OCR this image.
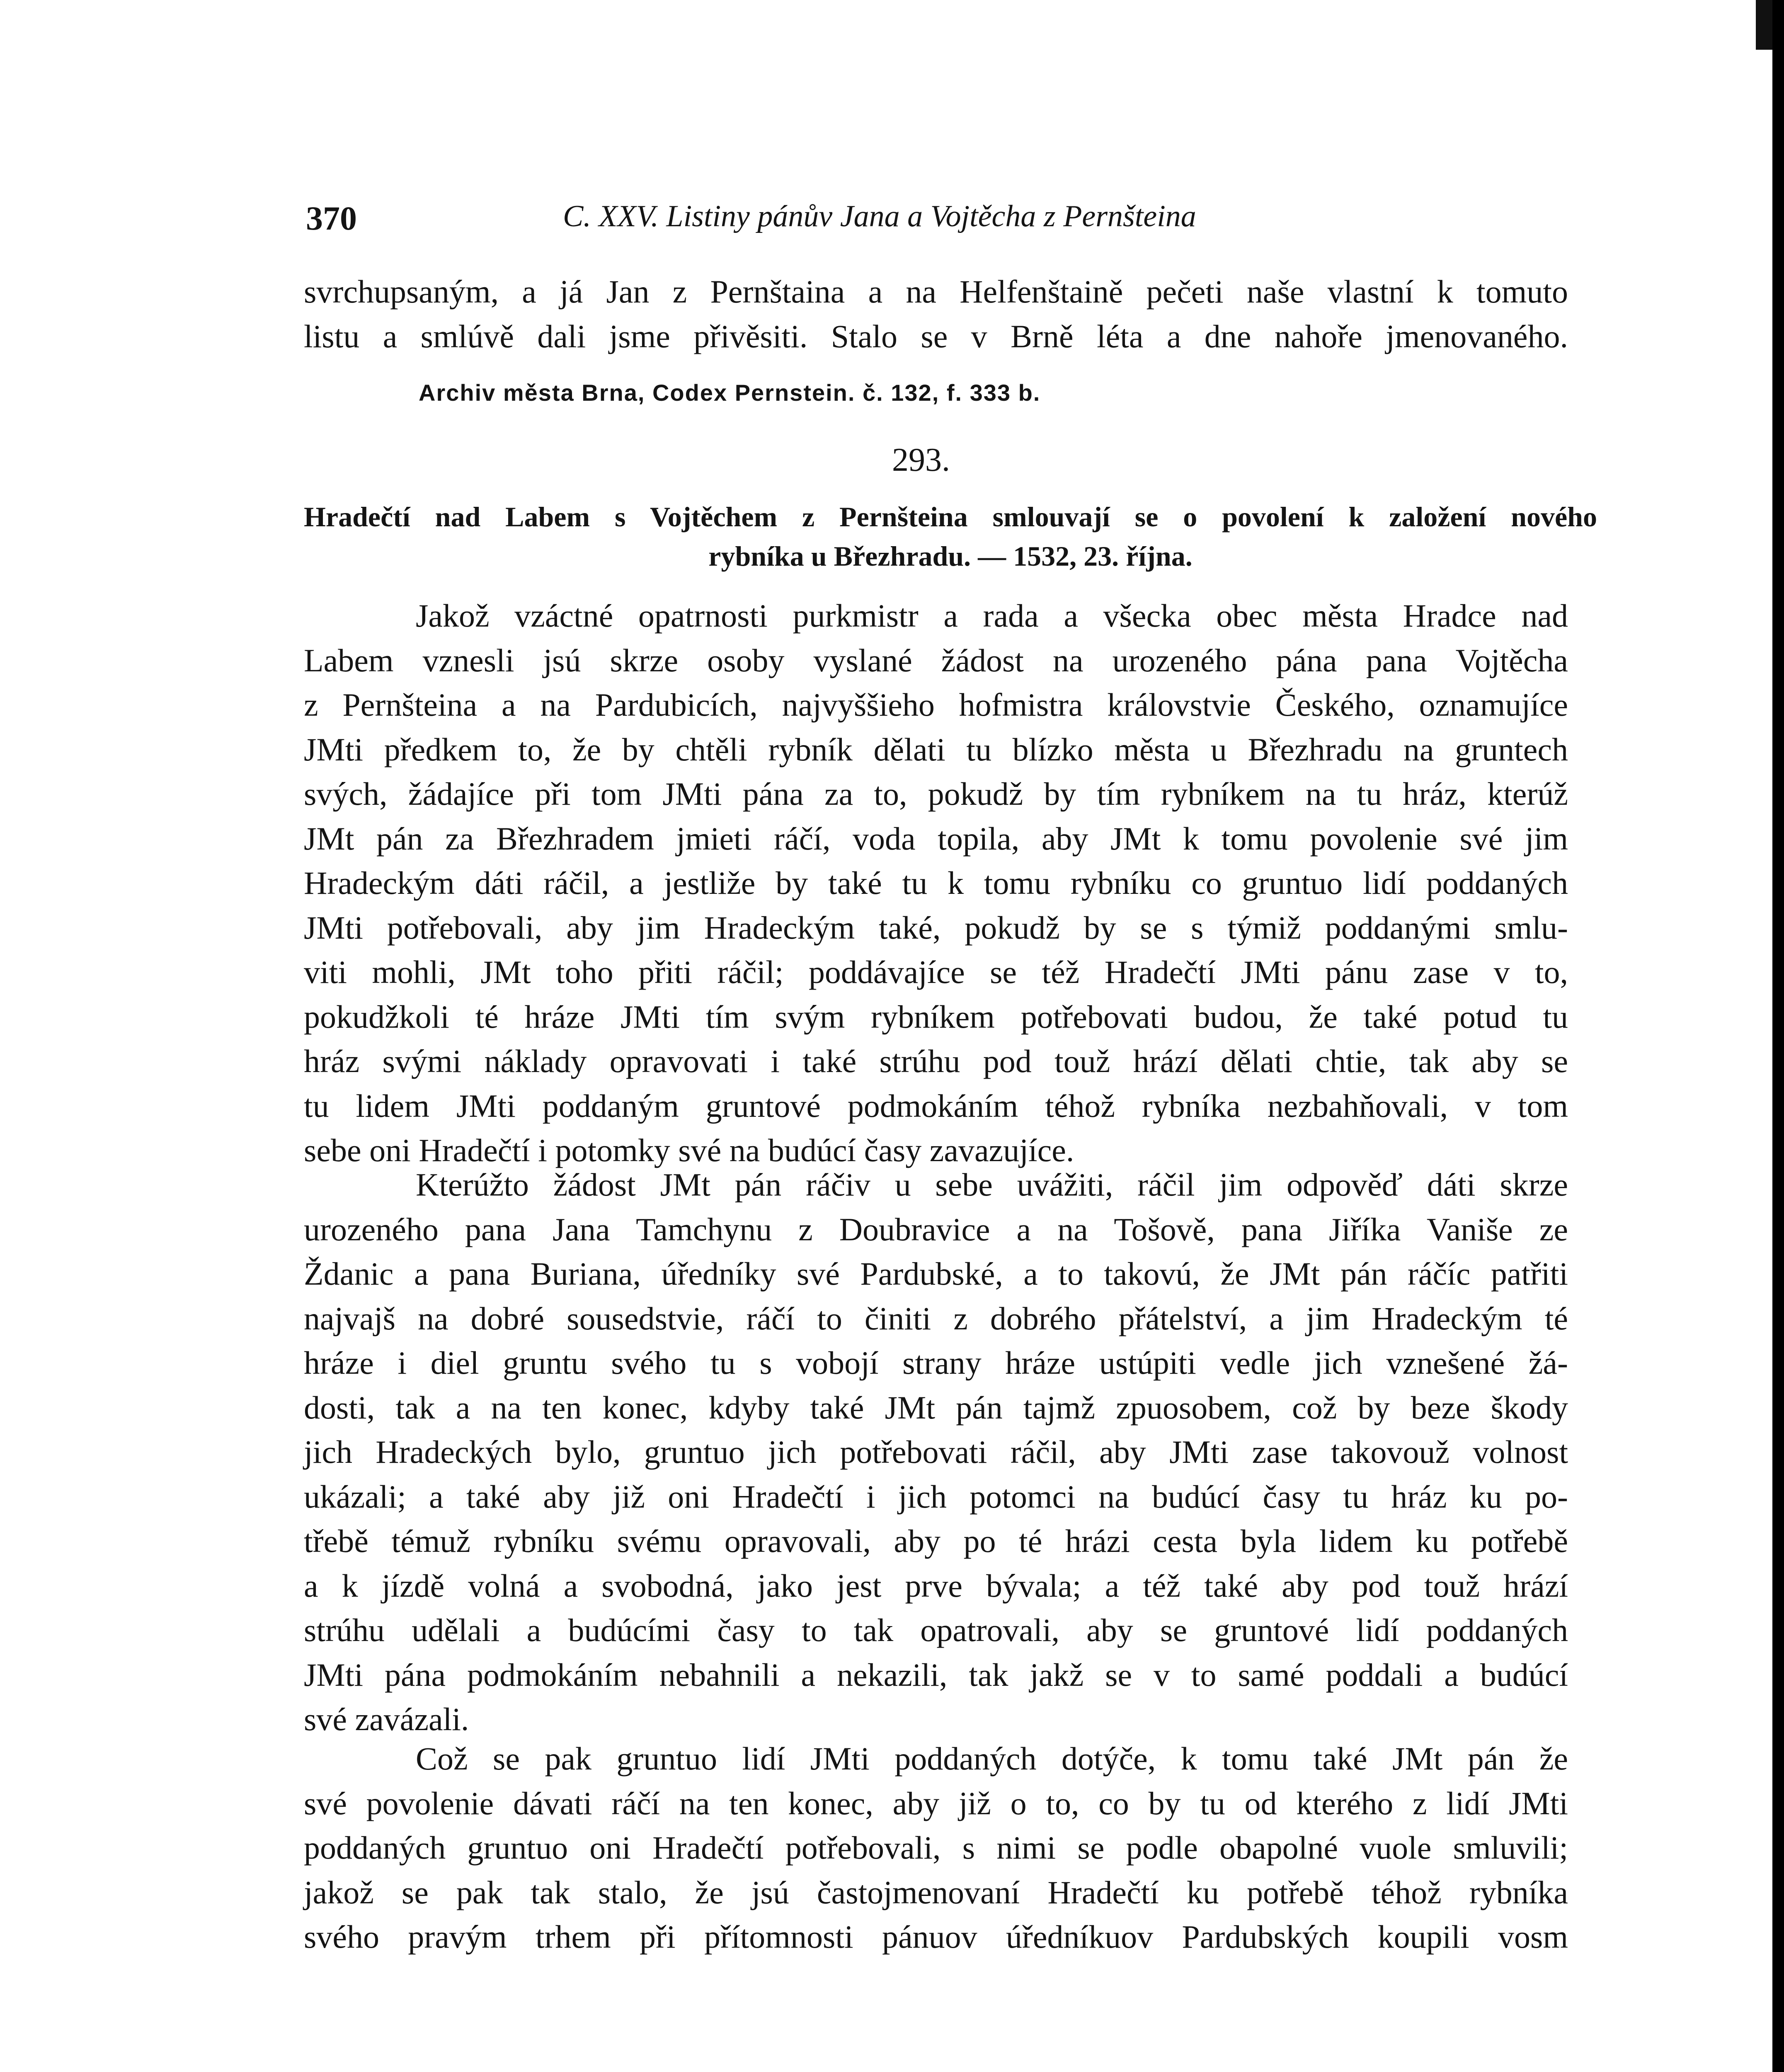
370	C. XXV. Listiny pánův Jana a Vojtěcha z Pernšteina
svrchupsaným, a já Jan z Pernštaina a na Helfenštaině pečeti naše vlastní k tomuto
listu a smlúvě dali jsme přivěsiti. Stalo se v Brně léta a dne nahoře jmenovaného.
Archiv města Brna, Codex Pernstein. č. 132, f. 333 b.
293.
Hradečtí nad Labem s Vojtěchem z Pernšteina smlouvají se o povolení k založení nového
rybníka u Březhradu. — 1532, 23. října.
Jakož vzáctné opatrnosti purkmistr a rada a všecka obec města Hradce nad
Labem vznesli jsú skrze osoby vyslané žádost na urozeného pána pana Vojtěcha
z Pernšteina a na Pardubicích, najvyššieho hofmistra královstvie Českého, oznamujíce
JMti předkem to, že by chtěli rybník dělati tu blízko města u Březhradu na gruntech
svých, žádajíce při tom JMti pána za to, pokudž by tím rybníkem na tu hráz, kterúž
JMt pán za Březhradem jmieti ráčí, voda topila, aby JMt k tomu povolenie své jim
Hradeckým dáti ráčil, a jestliže by také tu k tomu rybníku co gruntuo lidí poddaných
JMti potřebovali, aby jim Hradeckým také, pokudž by se s týmiž poddanými smlu-
viti mohli, JMt toho přiti ráčil; poddávajíce se též Hradečtí JMti pánu zase v to,
pokudžkoli té hráze JMti tím svým rybníkem potřebovati budou, že také potud tu
hráz svými náklady opravovati i také strúhu pod touž hrází dělati chtie, tak aby se
tu lidem JMti poddaným gruntové podmokáním téhož rybníka nezbahňovali, v tom
sebe oni Hradečtí i potomky své na budúcí časy zavazujíce.
Kterúžto žádost JMt pán ráčiv u sebe uvážiti, ráčil jim odpověď dáti skrze
urozeného pana Jana Tamchynu z Doubravice a na Tošově, pana Jiříka Vaniše ze
Ždanic a pana Buriana, úředníky své Pardubské, a to takovú, že JMt pán ráčíc patřiti
najvajš na dobré sousedstvie, ráčí to činiti z dobrého přátelství, a jim Hradeckým té
hráze i diel gruntu svého tu s vobojí strany hráze ustúpiti vedle jich vznešené žá-
dosti, tak a na ten konec, kdyby také JMt pán tajmž zpuosobem, což by beze škody
jich Hradeckých bylo, gruntuo jich potřebovati ráčil, aby JMti zase takovouž volnost
ukázali; a také aby již oni Hradečtí i jich potomci na budúcí časy tu hráz ku po-
třebě témuž rybníku svému opravovali, aby po té hrázi cesta byla lidem ku potřebě
a k jízdě volná a svobodná, jako jest prve bývala; a též také aby pod touž hrází
strúhu udělali a budúcími časy to tak opatrovali, aby se gruntové lidí poddaných
JMti pána podmokáním nebahnili a nekazili, tak jakž se v to samé poddali a budúcí
své zavázali.
Což se pak gruntuo lidí JMti poddaných dotýče, k tomu také JMt pán že
své povolenie dávati ráčí na ten konec, aby již o to, co by tu od kterého z lidí JMti
poddaných gruntuo oni Hradečtí potřebovali, s nimi se podle obapolné vuole smluvili;
jakož se pak tak stalo, že jsú častojmenovaní Hradečtí ku potřebě téhož rybníka
svého pravým trhem při přítomnosti pánuov úředníkuov Pardubských koupili vosm
